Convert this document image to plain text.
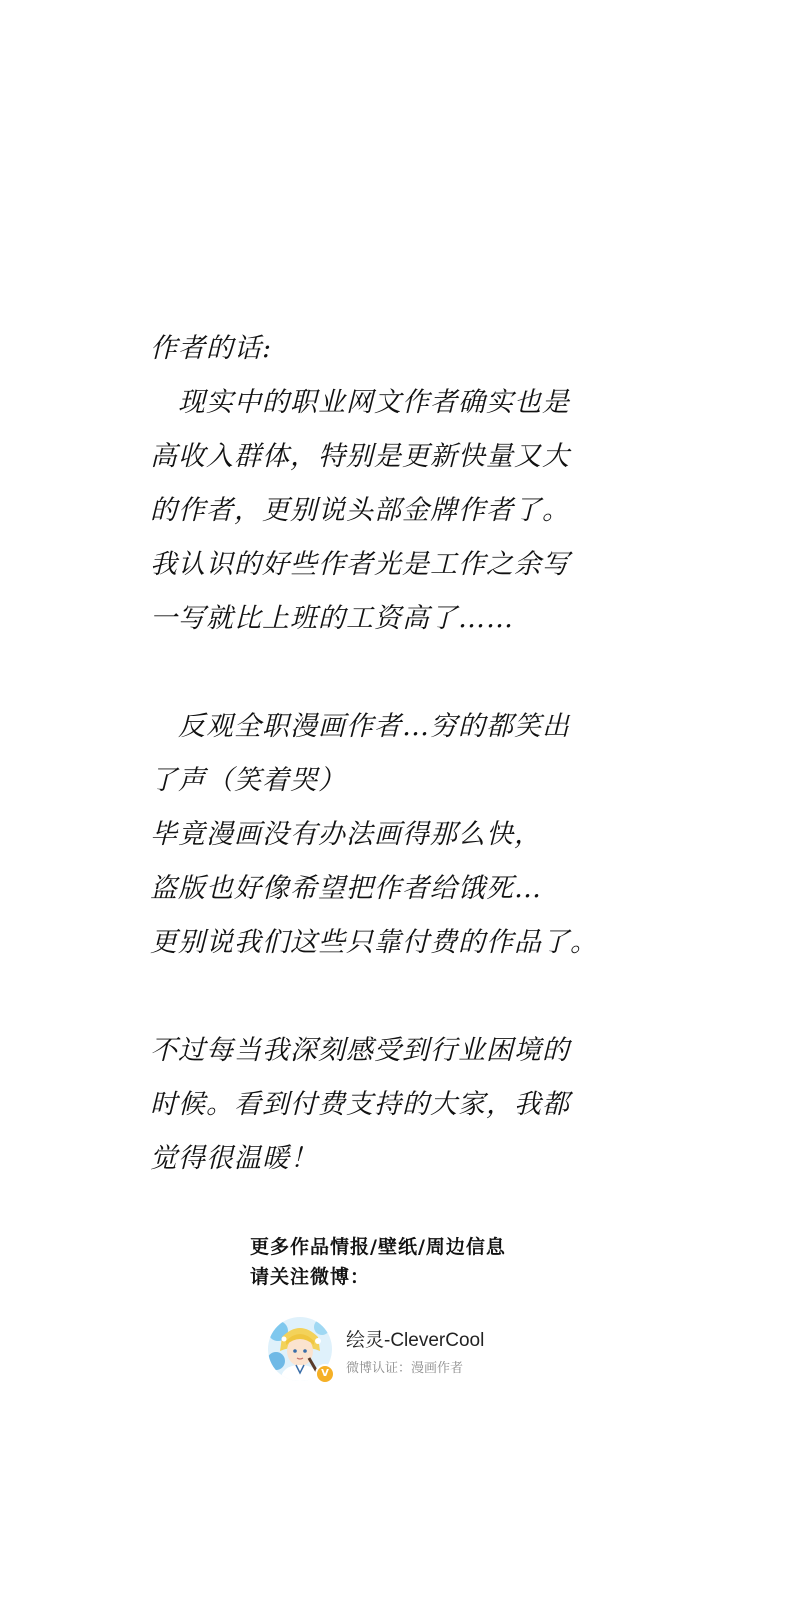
作者的话:
　现实中的职业网文作者确实也是
高收入群体，特别是更新快量又大
的作者，更别说头部金牌作者了。
我认识的好些作者光是工作之余写
一写就比上班的工资高了……
　反观全职漫画作者…穷的都笑出
了声（笑着哭）
毕竟漫画没有办法画得那么快，
盗版也好像希望把作者给饿死…
更别说我们这些只靠付费的作品了。
不过每当我深刻感受到行业困境的
时候。看到付费支持的大家，我都
觉得很温暖！
更多作品情报/壁纸/周边信息
请关注微博：
V
绘灵-CleverCool
微博认证：漫画作者
